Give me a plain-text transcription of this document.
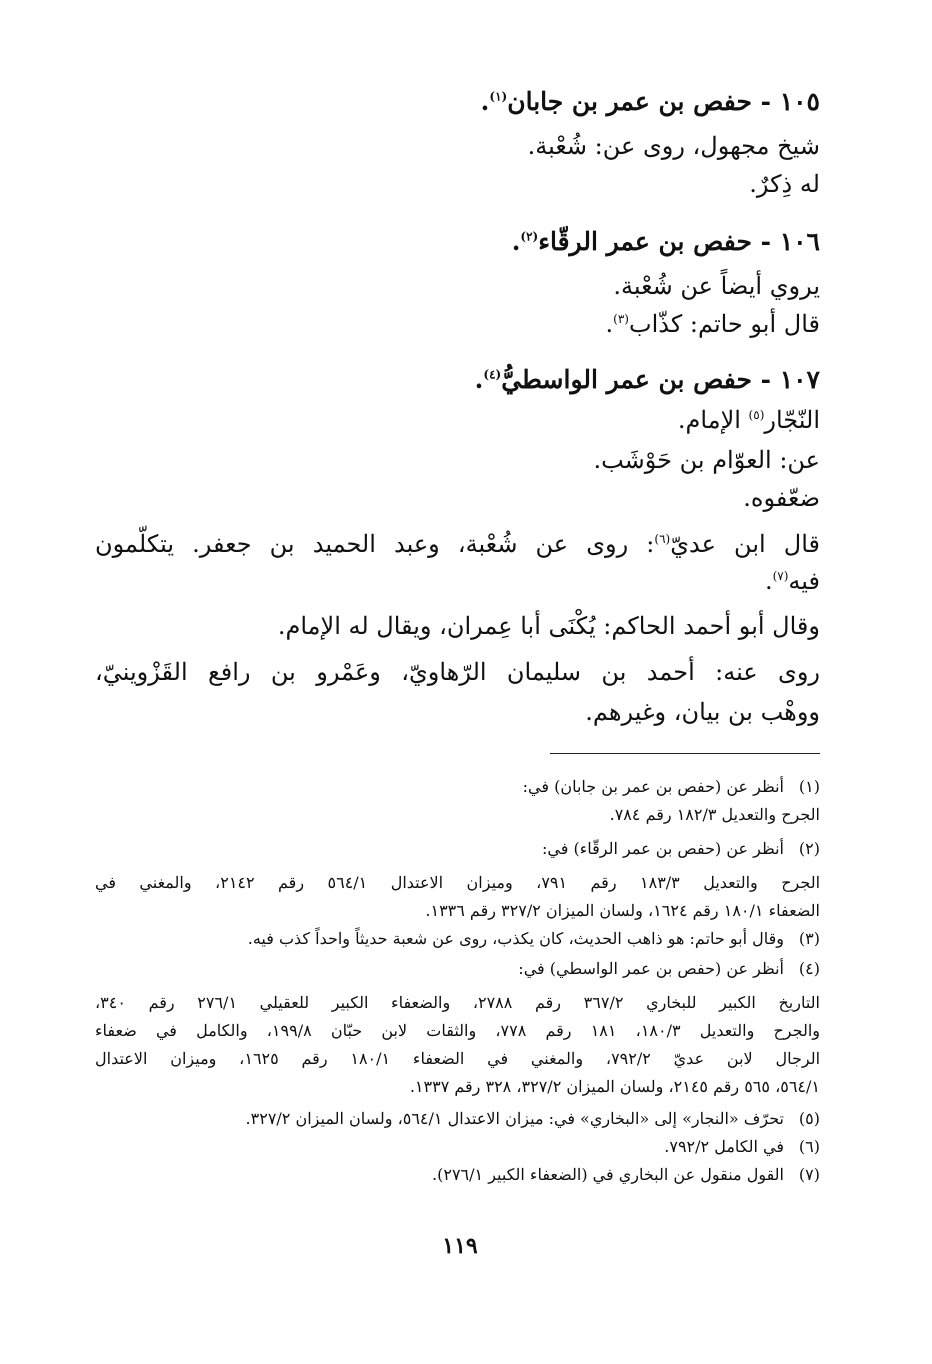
١٠٥ - حفص بن عمر بن جابان$^{(١)}$.
شيخ مجهول، روى عن: شُعْبة.
له ذِكرٌ.
١٠٦ - حفص بن عمر الرقّاء$^{(٢)}$.
يروي أيضاً عن شُعْبة.
قال أبو حاتم: كذّاب$^{(٣)}$.
١٠٧ - حفص بن عمر الواسطيُّ$^{(٤)}$.
النّجّار$^{(٥)}$ الإمام.
عن: العوّام بن حَوْشَب.
ضعّفوه.
قال ابن عديّ$^{(٦)}$: روى عن شُعْبة، وعبد الحميد بن جعفر. يتكلّمون
فيه$^{(٧)}$.
وقال أبو أحمد الحاكم: يُكْنَى أبا عِمران، ويقال له الإمام.
روى عنه: أحمد بن سليمان الرّهاويّ، وعَمْرو بن رافع القَزْوينيّ،
ووهْب بن بيان، وغيرهم.
(١)أنظر عن (حفص بن عمر بن جابان) في:
الجرح والتعديل ١٨٢/٣ رقم ٧٨٤.
(٢)أنظر عن (حفص بن عمر الرقّاء) في:
الجرح والتعديل ١٨٣/٣ رقم ٧٩١، وميزان الاعتدال ٥٦٤/١ رقم ٢١٤٢، والمغني في
الضعفاء ١٨٠/١ رقم ١٦٢٤، ولسان الميزان ٣٢٧/٢ رقم ١٣٣٦.
(٣)وقال أبو حاتم: هو ذاهب الحديث، كان يكذب، روى عن شعبة حديثاً واحداً كذب فيه.
(٤)أنظر عن (حفص بن عمر الواسطي) في:
التاريخ الكبير للبخاري ٣٦٧/٢ رقم ٢٧٨٨، والضعفاء الكبير للعقيلي ٢٧٦/١ رقم ٣٤٠،
والجرح والتعديل ١٨٠/٣، ١٨١ رقم ٧٧٨، والثقات لابن حبّان ١٩٩/٨، والكامل في ضعفاء
الرجال لابن عديّ ٧٩٢/٢، والمغني في الضعفاء ١٨٠/١ رقم ١٦٢٥، وميزان الاعتدال
٥٦٤/١، ٥٦٥ رقم ٢١٤٥، ولسان الميزان ٣٢٧/٢، ٣٢٨ رقم ١٣٣٧.
(٥)تحرّف «النجار» إلى «البخاري» في: ميزان الاعتدال ٥٦٤/١، ولسان الميزان ٣٢٧/٢.
(٦)في الكامل ٧٩٢/٢.
(٧)القول منقول عن البخاري في (الضعفاء الكبير ٢٧٦/١).
١١٩
